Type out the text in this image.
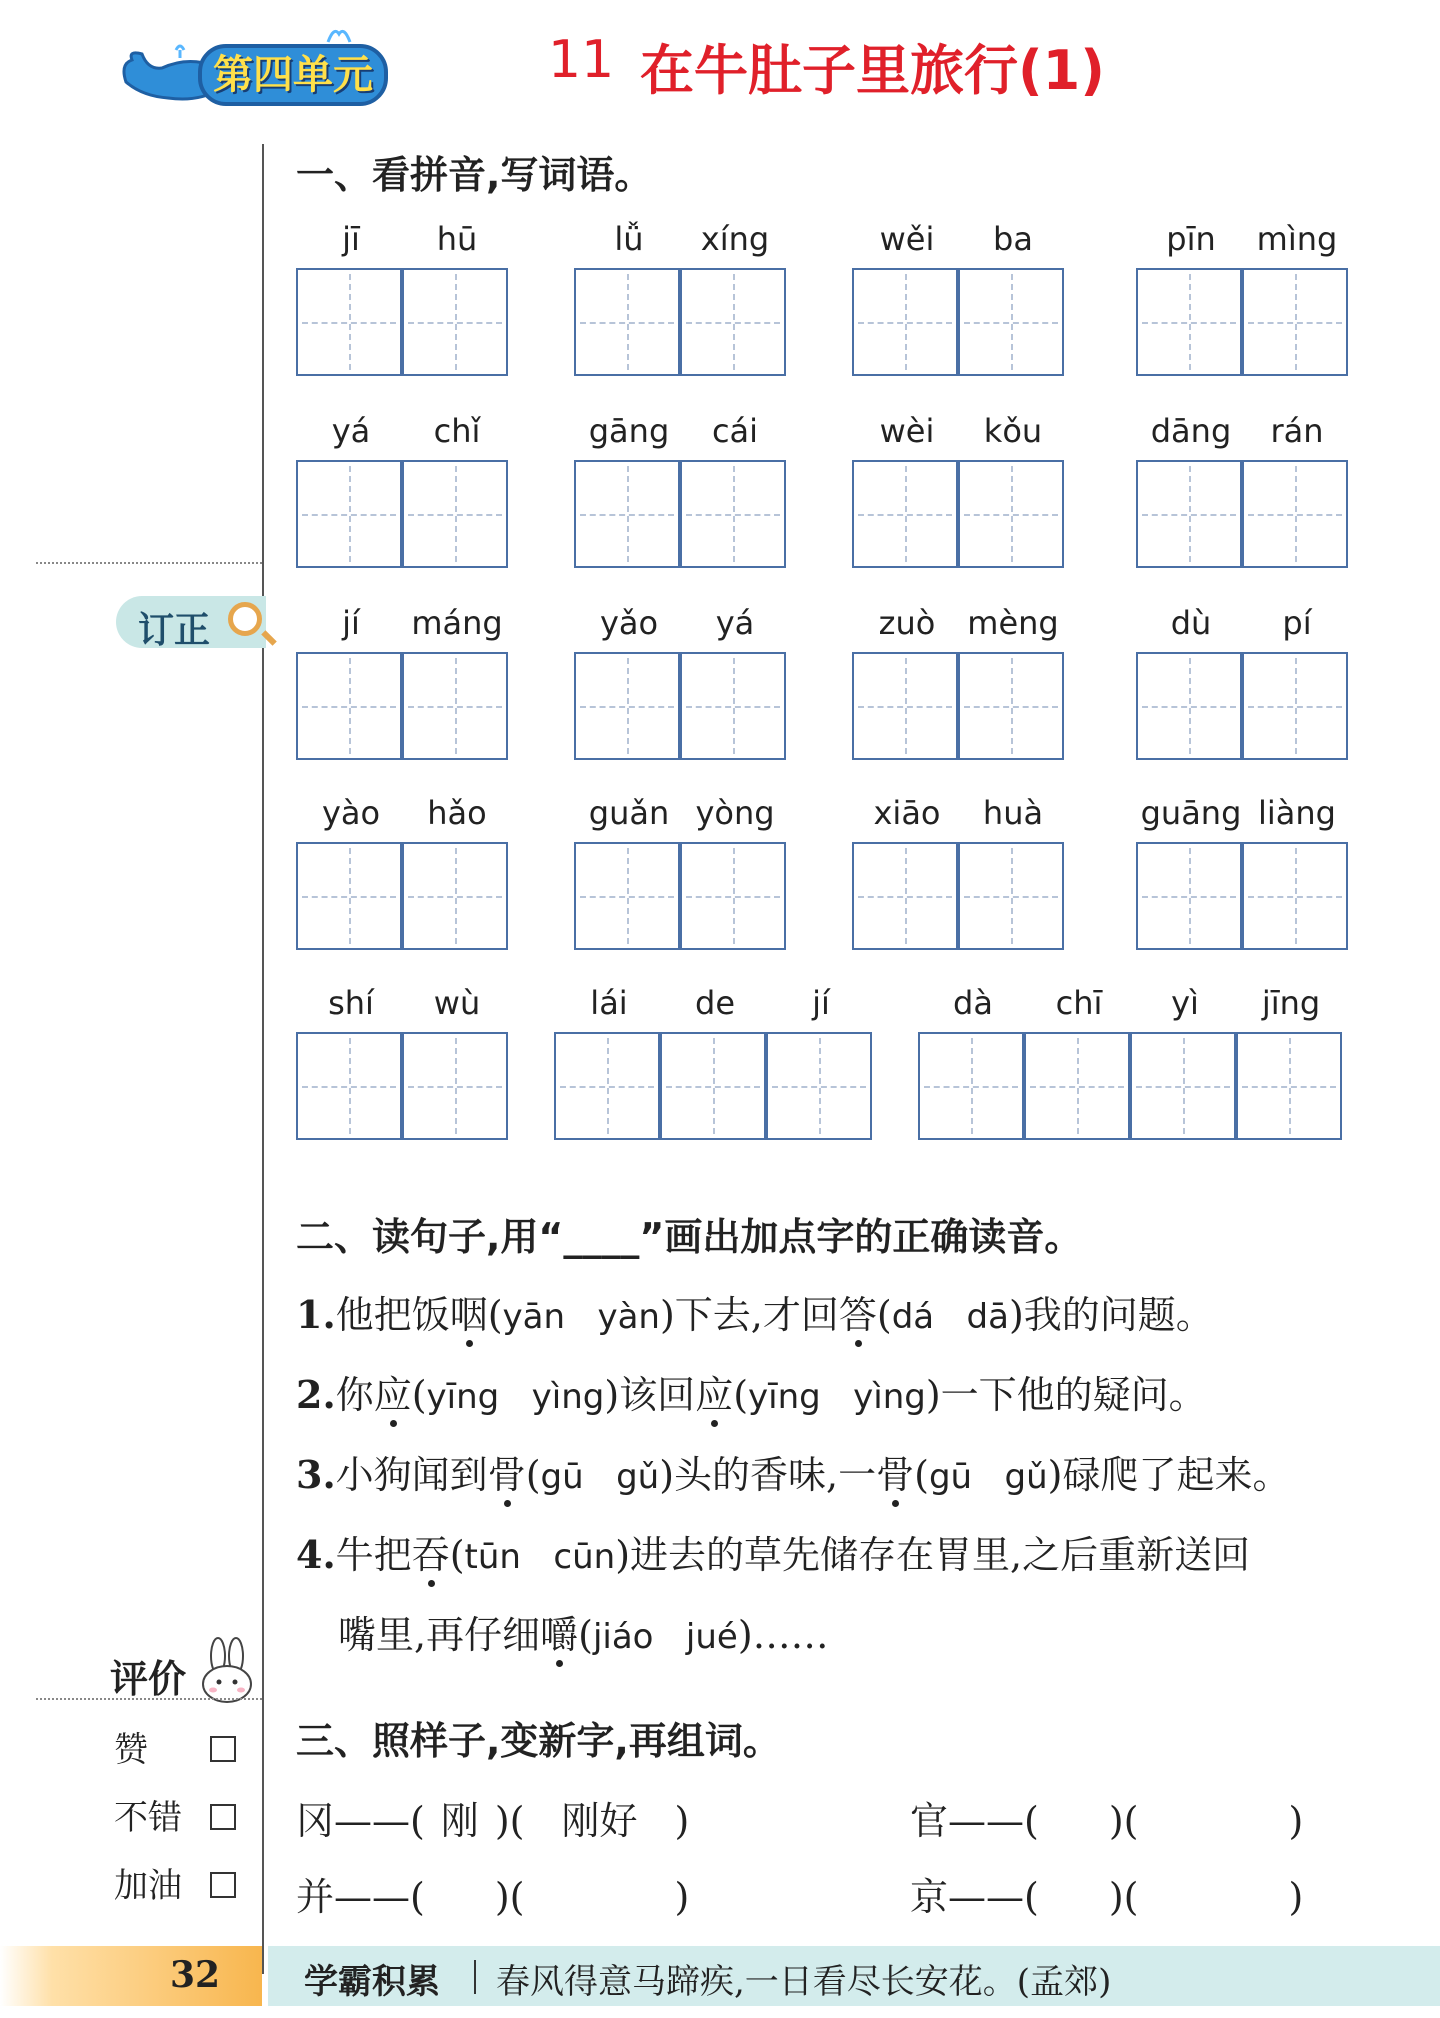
第四单元	11 在牛肚子里旅行(1)
订正
评价
赞
不错
加油
一、看拼音,写词语。
jī	hū	lǚ	xíng	wěi	ba	pīn	mìng
yá	chǐ	gāng	cái	wèi	kǒu	dāng	rán
jí	máng	yǎo	yá	zuò mèng	dù	pí
yào	hǎo	guǎn yòng	xiāo	huà	guāng liàng
shí	wù	lái	de	jí	dà	chī	yì	jīng
二、读句子,用“____”画出加点字的正确读音。
1.他把饭咽(yān   yàn)下去,才回答(dá   dā)我的问题。
2.你应(yīng   yìng)该回应(yīng   yìng)一下他的疑问。
3.小狗闻到骨(gū   gǔ)头的香味,一骨(gū   gǔ)碌爬了起来。
4.牛把吞(tūn   cūn)进去的草先储存在胃里,之后重新送回
嘴里,再仔细嚼(jiáo   jué)……
三、照样子,变新字,再组词。
冈——( 刚 )( 刚好 )	官——( )(	)
并——( )(	)	京——( )(	)
32 学霸积累 春风得意马蹄疾,一日看尽长安花。(孟郊)
